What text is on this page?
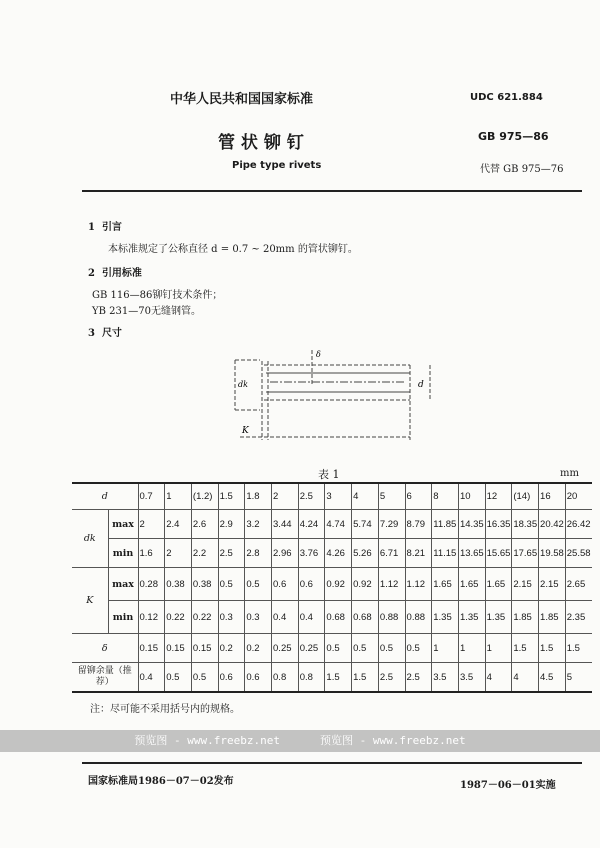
中华人民共和国国家标准	UDC 621.884
管 状 铆 钉	GB 975—86
Pipe type rivets	代替 GB 975—76
1 引言
本标准规定了公称直径 d = 0.7 ~ 20mm 的管状铆钉。
2 引用标准
GB 116—86铆钉技术条件；
YB 231—70无缝钢管。
3 尺寸
K
d
dk
δ
表 1	mm
d		0.7	1	(1.2)	1.5	1.8	2	2.5	3	4	5	6	8	10	12	(14)	16	20
dk	max	2	2.4	2.6	2.9	3.2	3.44	4.24	4.74	5.74	7.29	8.79	11.85	14.35	16.35	18.35	20.42	26.42
	min	1.6	2	2.2	2.5	2.8	2.96	3.76	4.26	5.26	6.71	8.21	11.15	13.65	15.65	17.65	19.58	25.58
K	max	0.28	0.38	0.38	0.5	0.5	0.6	0.6	0.92	0.92	1.12	1.12	1.65	1.65	1.65	2.15	2.15	2.65
	min	0.12	0.22	0.22	0.3	0.3	0.4	0.4	0.68	0.68	0.88	0.88	1.35	1.35	1.35	1.85	1.85	2.35
δ		0.15	0.15	0.15	0.2	0.2	0.25	0.25	0.5	0.5	0.5	0.5	1	1	1	1.5	1.5	1.5
留铆余量（推荐）		0.4	0.5	0.5	0.6	0.6	0.8	0.8	1.5	1.5	2.5	2.5	3.5	3.5	4	4	4.5	5
注：尽可能不采用括号内的规格。
预览图 - www.freebz.net	预览图 - www.freebz.net
国家标准局1986－07－02发布	1987－06－01实施
